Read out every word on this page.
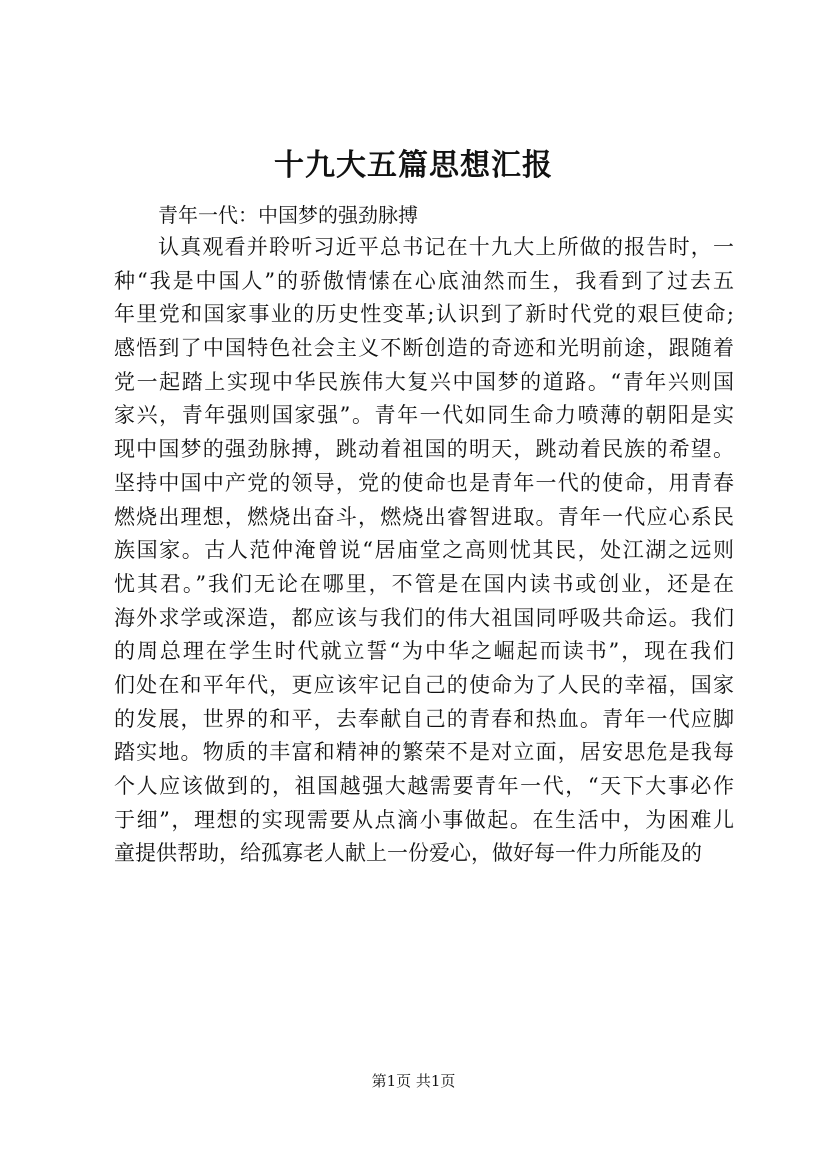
十九大五篇思想汇报
青年一代：中国梦的强劲脉搏
认真观看并聆听习近平总书记在十九大上所做的报告时，一
种“我是中国人”的骄傲情愫在心底油然而生，我看到了过去五
年里党和国家事业的历史性变革;认识到了新时代党的艰巨使命;
感悟到了中国特色社会主义不断创造的奇迹和光明前途，跟随着
党一起踏上实现中华民族伟大复兴中国梦的道路。“青年兴则国
家兴，青年强则国家强”。青年一代如同生命力喷薄的朝阳是实
现中国梦的强劲脉搏，跳动着祖国的明天，跳动着民族的希望。
坚持中国中产党的领导，党的使命也是青年一代的使命，用青春
燃烧出理想，燃烧出奋斗，燃烧出睿智进取。青年一代应心系民
族国家。古人范仲淹曾说“居庙堂之高则忧其民，处江湖之远则
忧其君。”我们无论在哪里，不管是在国内读书或创业，还是在
海外求学或深造，都应该与我们的伟大祖国同呼吸共命运。我们
的周总理在学生时代就立誓“为中华之崛起而读书”，现在我们
们处在和平年代，更应该牢记自己的使命为了人民的幸福，国家
的发展，世界的和平，去奉献自己的青春和热血。青年一代应脚
踏实地。物质的丰富和精神的繁荣不是对立面，居安思危是我每
个人应该做到的，祖国越强大越需要青年一代，“天下大事必作
于细”，理想的实现需要从点滴小事做起。在生活中，为困难儿
童提供帮助，给孤寡老人献上一份爱心，做好每一件力所能及的
第1页 共1页
